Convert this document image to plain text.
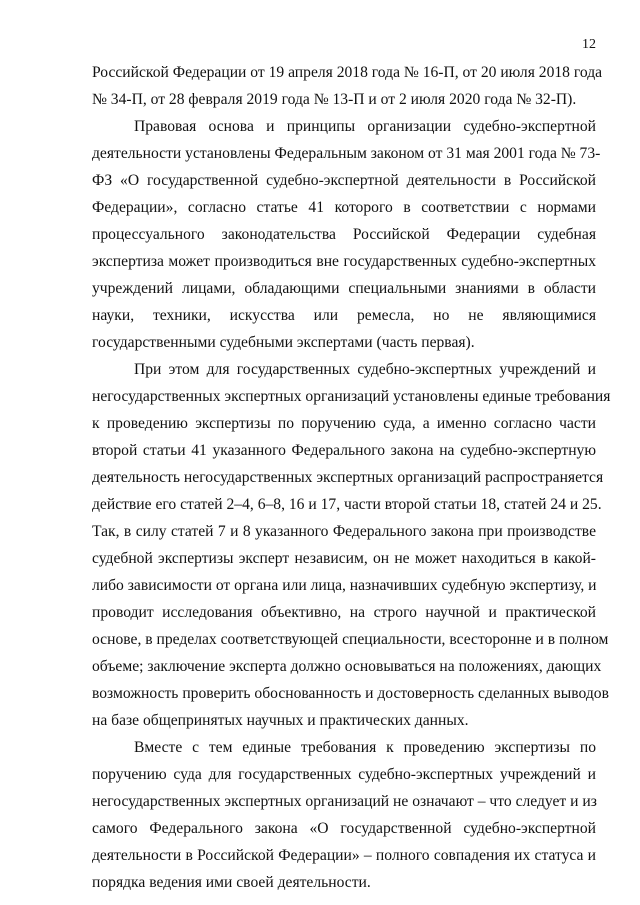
12
Российской Федерации от 19 апреля 2018 года № 16-П, от 20 июля 2018 года
№ 34-П, от 28 февраля 2019 года № 13-П и от 2 июля 2020 года № 32-П).
Правовая основа и принципы организации судебно-экспертной
деятельности установлены Федеральным законом от 31 мая 2001 года № 73-
ФЗ «О государственной судебно-экспертной деятельности в Российской
Федерации», согласно статье 41 которого в соответствии с нормами
процессуального законодательства Российской Федерации судебная
экспертиза может производиться вне государственных судебно-экспертных
учреждений лицами, обладающими специальными знаниями в области
науки, техники, искусства или ремесла, но не являющимися
государственными судебными экспертами (часть первая).
При этом для государственных судебно-экспертных учреждений и
негосударственных экспертных организаций установлены единые требования
к проведению экспертизы по поручению суда, а именно согласно части
второй статьи 41 указанного Федерального закона на судебно-экспертную
деятельность негосударственных экспертных организаций распространяется
действие его статей 2–4, 6–8, 16 и 17, части второй статьи 18, статей 24 и 25.
Так, в силу статей 7 и 8 указанного Федерального закона при производстве
судебной экспертизы эксперт независим, он не может находиться в какой-
либо зависимости от органа или лица, назначивших судебную экспертизу, и
проводит исследования объективно, на строго научной и практической
основе, в пределах соответствующей специальности, всесторонне и в полном
объеме; заключение эксперта должно основываться на положениях, дающих
возможность проверить обоснованность и достоверность сделанных выводов
на базе общепринятых научных и практических данных.
Вместе с тем единые требования к проведению экспертизы по
поручению суда для государственных судебно-экспертных учреждений и
негосударственных экспертных организаций не означают – что следует и из
самого Федерального закона «О государственной судебно-экспертной
деятельности в Российской Федерации» – полного совпадения их статуса и
порядка ведения ими своей деятельности.
